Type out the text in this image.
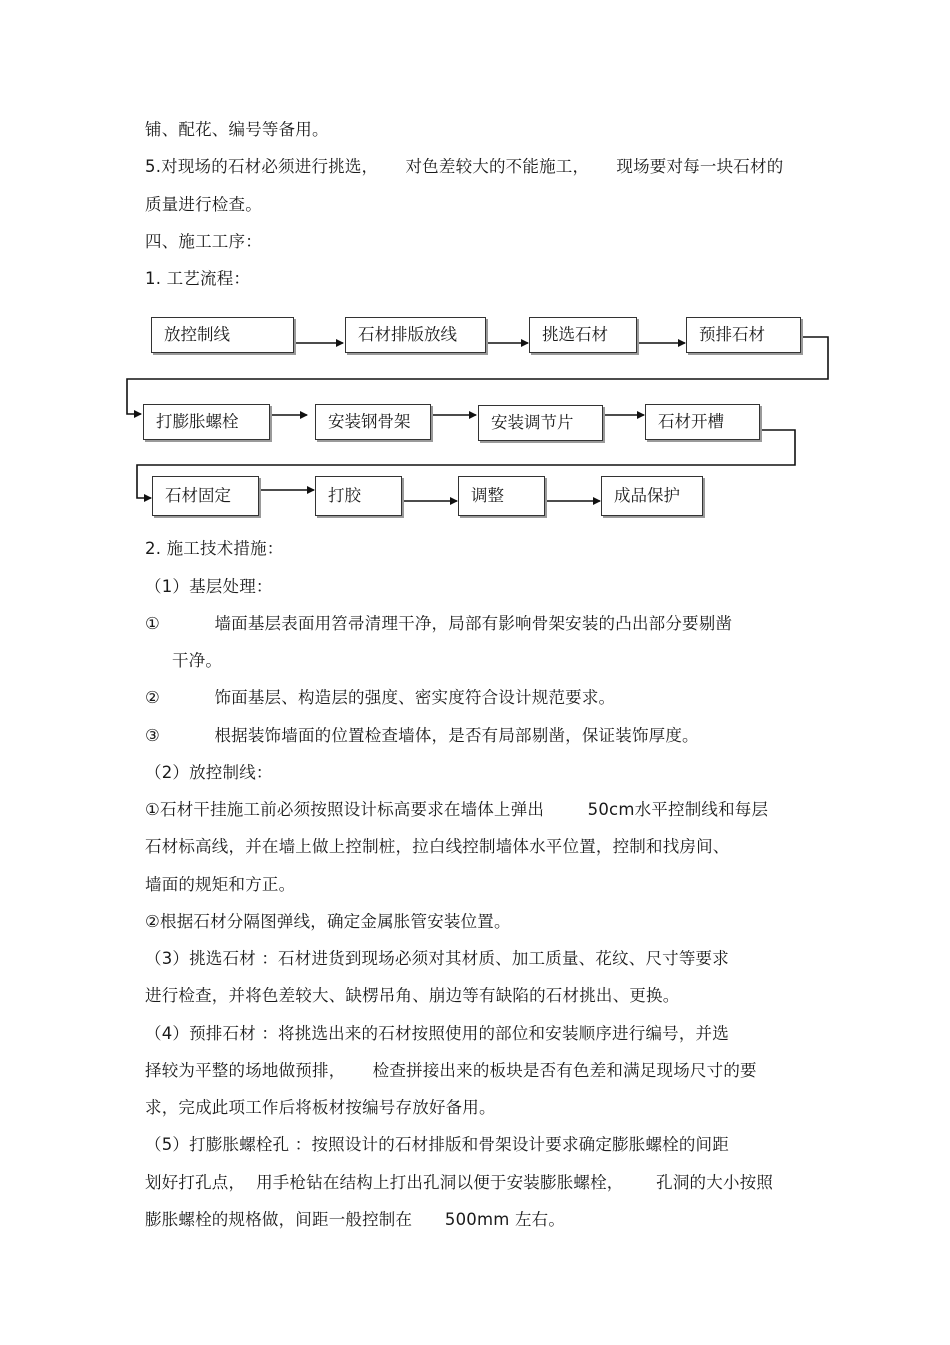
铺、配花、编号等备用。
5.对现场的石材必须进行挑选，     对色差较大的不能施工，     现场要对每一块石材的
质量进行检查。
四、施工工序：
1. 工艺流程：
放控制线	石材排版放线	挑选石材	预排石材
打膨胀螺栓	安装钢骨架	安装调节片	石材开槽
石材固定	打胶	调整	成品保护
2. 施工技术措施：
（1）基层处理：
①          墙面基层表面用笤帚清理干净，局部有影响骨架安装的凸出部分要剔凿
干净。
②          饰面基层、构造层的强度、密实度符合设计规范要求。
③          根据装饰墙面的位置检查墙体，是否有局部剔凿，保证装饰厚度。
（2）放控制线：
①石材干挂施工前必须按照设计标高要求在墙体上弹出        50cm水平控制线和每层
石材标高线，并在墙上做上控制桩，拉白线控制墙体水平位置，控制和找房间、
墙面的规矩和方正。
②根据石材分隔图弹线，确定金属胀管安装位置。
（3）挑选石材 ：石材进货到现场必须对其材质、加工质量、花纹、尺寸等要求
进行检查，并将色差较大、缺楞吊角、崩边等有缺陷的石材挑出、更换。
（4）预排石材 ：将挑选出来的石材按照使用的部位和安装顺序进行编号，并选
择较为平整的场地做预排，     检查拼接出来的板块是否有色差和满足现场尺寸的要
求，完成此项工作后将板材按编号存放好备用。
（5）打膨胀螺栓孔 ：按照设计的石材排版和骨架设计要求确定膨胀螺栓的间距
划好打孔点，  用手枪钻在结构上打出孔洞以便于安装膨胀螺栓，      孔洞的大小按照
膨胀螺栓的规格做，间距一般控制在      500mm 左右。
